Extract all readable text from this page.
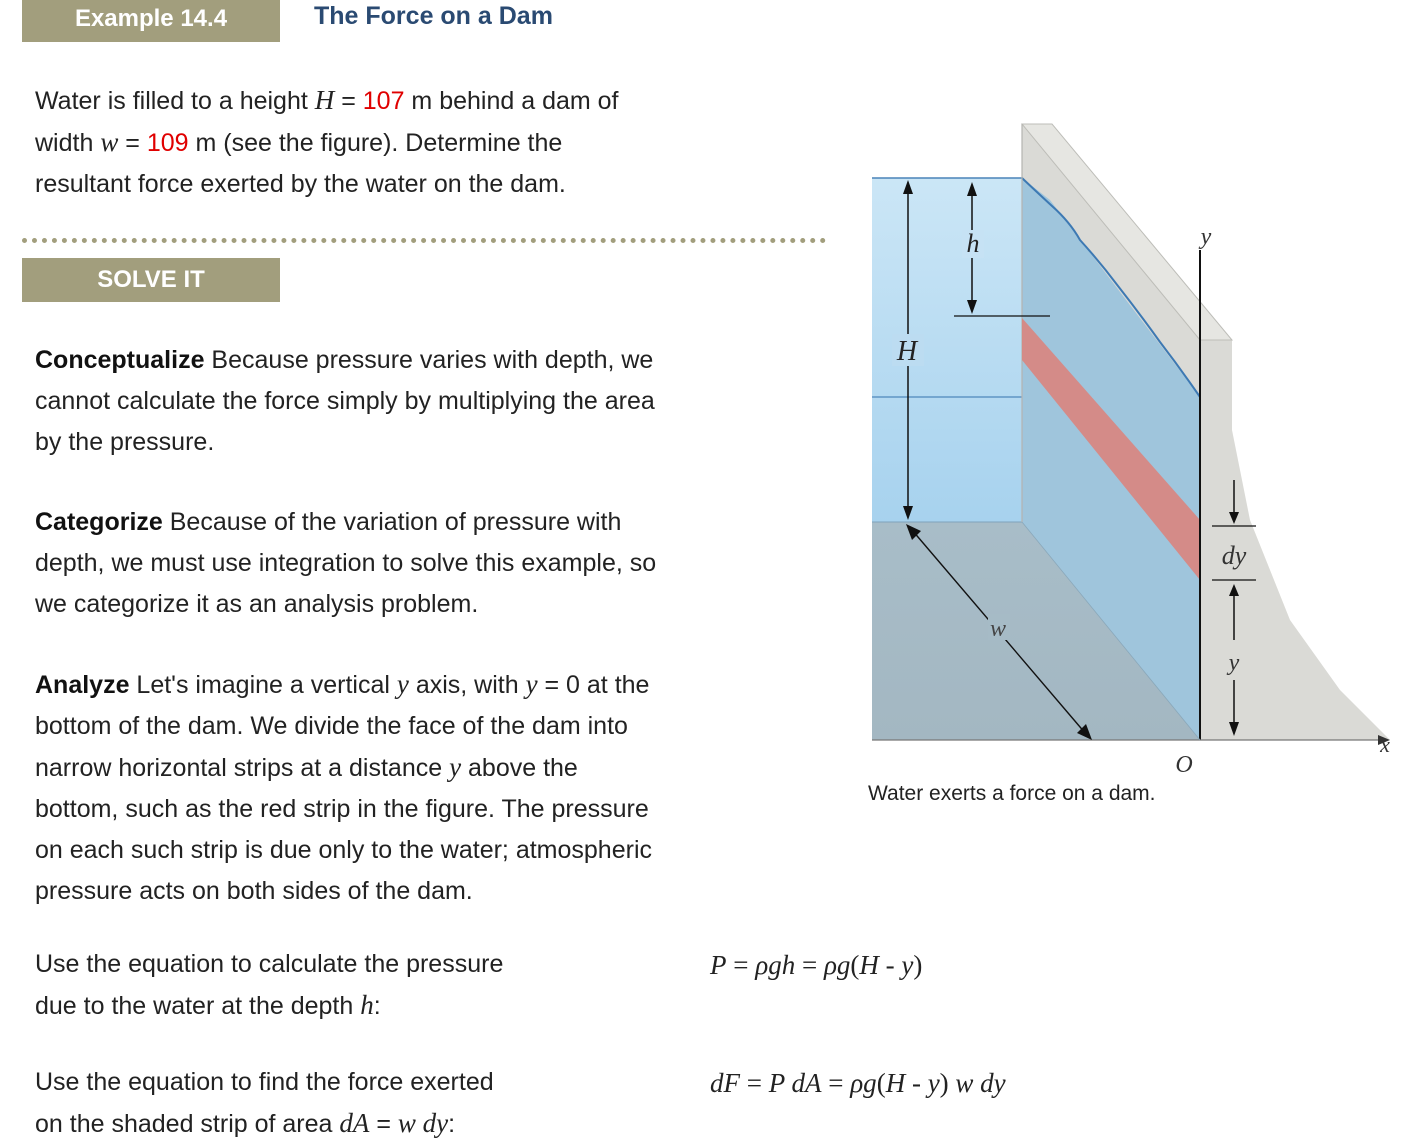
Example 14.4	The Force on a Dam
Water is filled to a height H = 107 m behind a dam of
width w = 109 m (see the figure). Determine the
resultant force exerted by the water on the dam.
SOLVE IT
Conceptualize Because pressure varies with depth, we
cannot calculate the force simply by multiplying the area
by the pressure.
Categorize Because of the variation of pressure with
depth, we must use integration to solve this example, so
we categorize it as an analysis problem.
Analyze Let's imagine a vertical y axis, with y = 0 at the
bottom of the dam. We divide the face of the dam into
narrow horizontal strips at a distance y above the
bottom, such as the red strip in the figure. The pressure
on each such strip is due only to the water; atmospheric
pressure acts on both sides of the dam.
Use the equation to calculate the pressure
due to the water at the depth h:
P = ρgh = ρg(H - y)
Use the equation to find the force exerted
on the shaded strip of area dA = w dy:
dF = P dA = ρg(H - y) w dy
H
h	y
dy
y
w
O
x
Water exerts a force on a dam.
